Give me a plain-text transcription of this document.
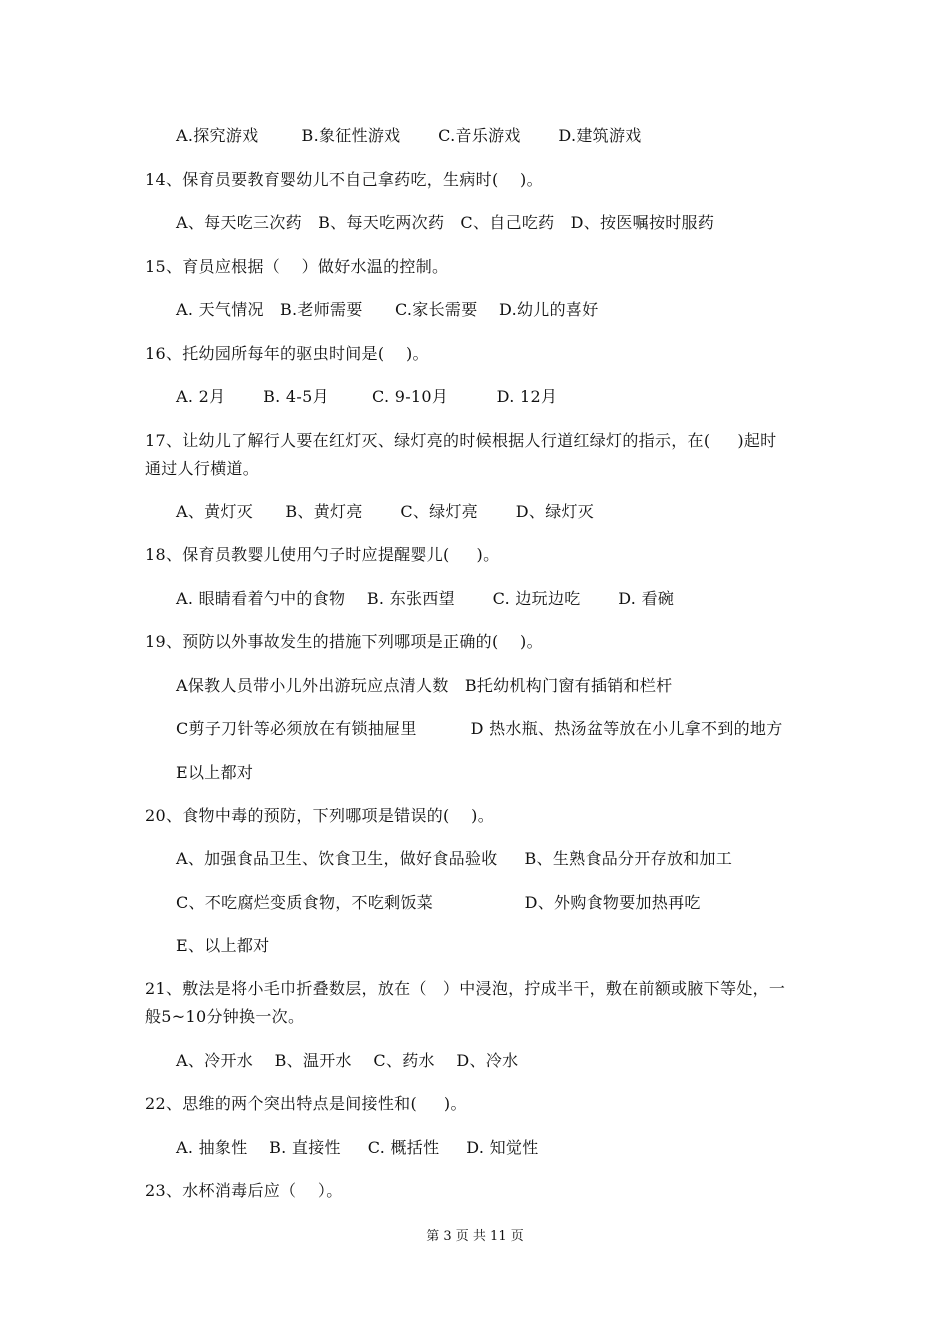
A.探究游戏        B.象征性游戏       C.音乐游戏       D.建筑游戏
14、保育员要教育婴幼儿不自己拿药吃，生病时(    )。
A、每天吃三次药   B、每天吃两次药   C、自己吃药   D、按医嘱按时服药
15、育员应根据（    ）做好水温的控制。
A. 天气情况   B.老师需要      C.家长需要    D.幼儿的喜好
16、托幼园所每年的驱虫时间是(    )。
A. 2月       B. 4-5月        C. 9-10月         D. 12月
17、让幼儿了解行人要在红灯灭、绿灯亮的时候根据人行道红绿灯的指示，在(     )起时
通过人行横道。
A、黄灯灭      B、黄灯亮       C、绿灯亮       D、绿灯灭
18、保育员教婴儿使用勺子时应提醒婴儿(     )。
A. 眼睛看着勺中的食物    B. 东张西望       C. 边玩边吃       D. 看碗
19、预防以外事故发生的措施下列哪项是正确的(    )。
A保教人员带小儿外出游玩应点清人数   B托幼机构门窗有插销和栏杆
C剪子刀针等必须放在有锁抽屉里          D 热水瓶、热汤盆等放在小儿拿不到的地方
E以上都对
20、食物中毒的预防，下列哪项是错误的(    )。
A、加强食品卫生、饮食卫生，做好食品验收     B、生熟食品分开存放和加工
C、不吃腐烂变质食物，不吃剩饭菜                 D、外购食物要加热再吃
E、以上都对
21、敷法是将小毛巾折叠数层，放在（   ）中浸泡，拧成半干，敷在前额或腋下等处，一
般5~10分钟换一次。
A、冷开水    B、温开水    C、药水    D、冷水
22、思维的两个突出特点是间接性和(     )。
A. 抽象性    B. 直接性     C. 概括性     D. 知觉性
23、水杯消毒后应（    ）。
第 3 页 共 11 页
